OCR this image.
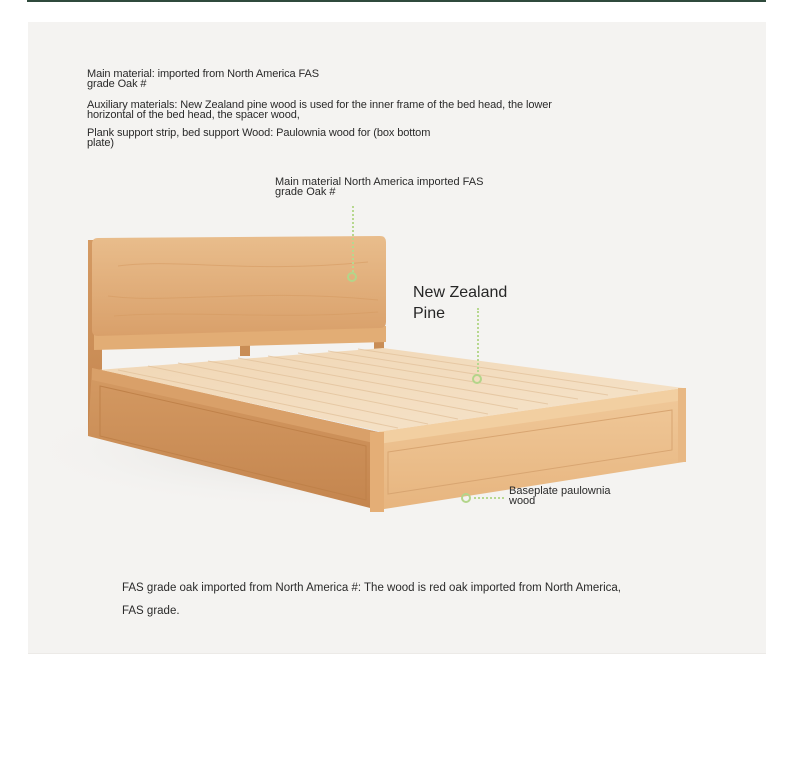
Main material: imported from North America FAS
grade Oak #
Auxiliary materials: New Zealand pine wood is used for the inner frame of the bed head, the lower
horizontal of the bed head, the spacer wood,
Plank support strip, bed support Wood: Paulownia wood for (box bottom
plate)
Main material North America imported FAS
grade Oak #
New Zealand
Pine
Baseplate paulownia
wood
FAS grade oak imported from North America #: The wood is red oak imported from North America,
FAS grade.
